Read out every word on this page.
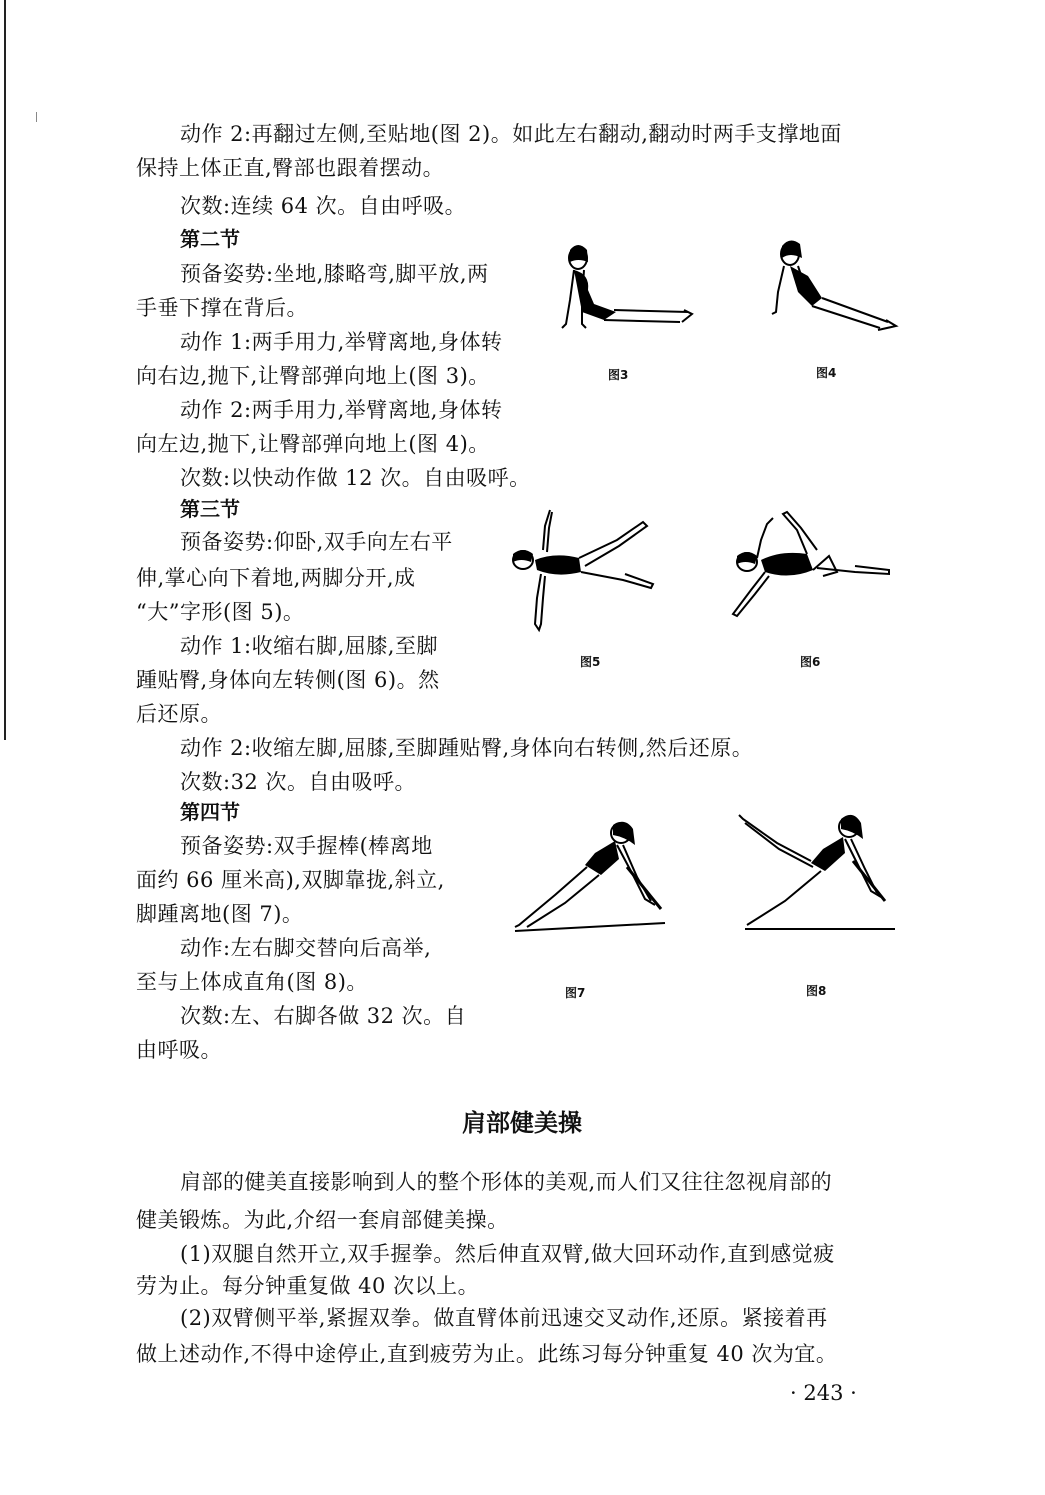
动作 2:再翻过左侧,至贴地(图 2)。如此左右翻动,翻动时两手支撑地面
保持上体正直,臀部也跟着摆动。
次数:连续 64 次。自由呼吸。
第二节
预备姿势:坐地,膝略弯,脚平放,两
手垂下撑在背后。
动作 1:两手用力,举臂离地,身体转
向右边,抛下,让臀部弹向地上(图 3)。
动作 2:两手用力,举臂离地,身体转
向左边,抛下,让臀部弹向地上(图 4)。
次数:以快动作做 12 次。自由吸呼。
图3	图4
第三节
预备姿势:仰卧,双手向左右平
伸,掌心向下着地,两脚分开,成
“大”字形(图 5)。
动作 1:收缩右脚,屈膝,至脚
踵贴臀,身体向左转侧(图 6)。然
后还原。
动作 2:收缩左脚,屈膝,至脚踵贴臀,身体向右转侧,然后还原。
次数:32 次。自由吸呼。
图5	图6
第四节
预备姿势:双手握棒(棒离地
面约 66 厘米高),双脚靠拢,斜立,
脚踵离地(图 7)。
动作:左右脚交替向后高举,
至与上体成直角(图 8)。
次数:左、右脚各做 32 次。自
由呼吸。
图7	图8
肩部健美操
肩部的健美直接影响到人的整个形体的美观,而人们又往往忽视肩部的
健美锻炼。为此,介绍一套肩部健美操。
(1)双腿自然开立,双手握拳。然后伸直双臂,做大回环动作,直到感觉疲
劳为止。每分钟重复做 40 次以上。
(2)双臂侧平举,紧握双拳。做直臂体前迅速交叉动作,还原。紧接着再
做上述动作,不得中途停止,直到疲劳为止。此练习每分钟重复 40 次为宜。
· 243 ·
